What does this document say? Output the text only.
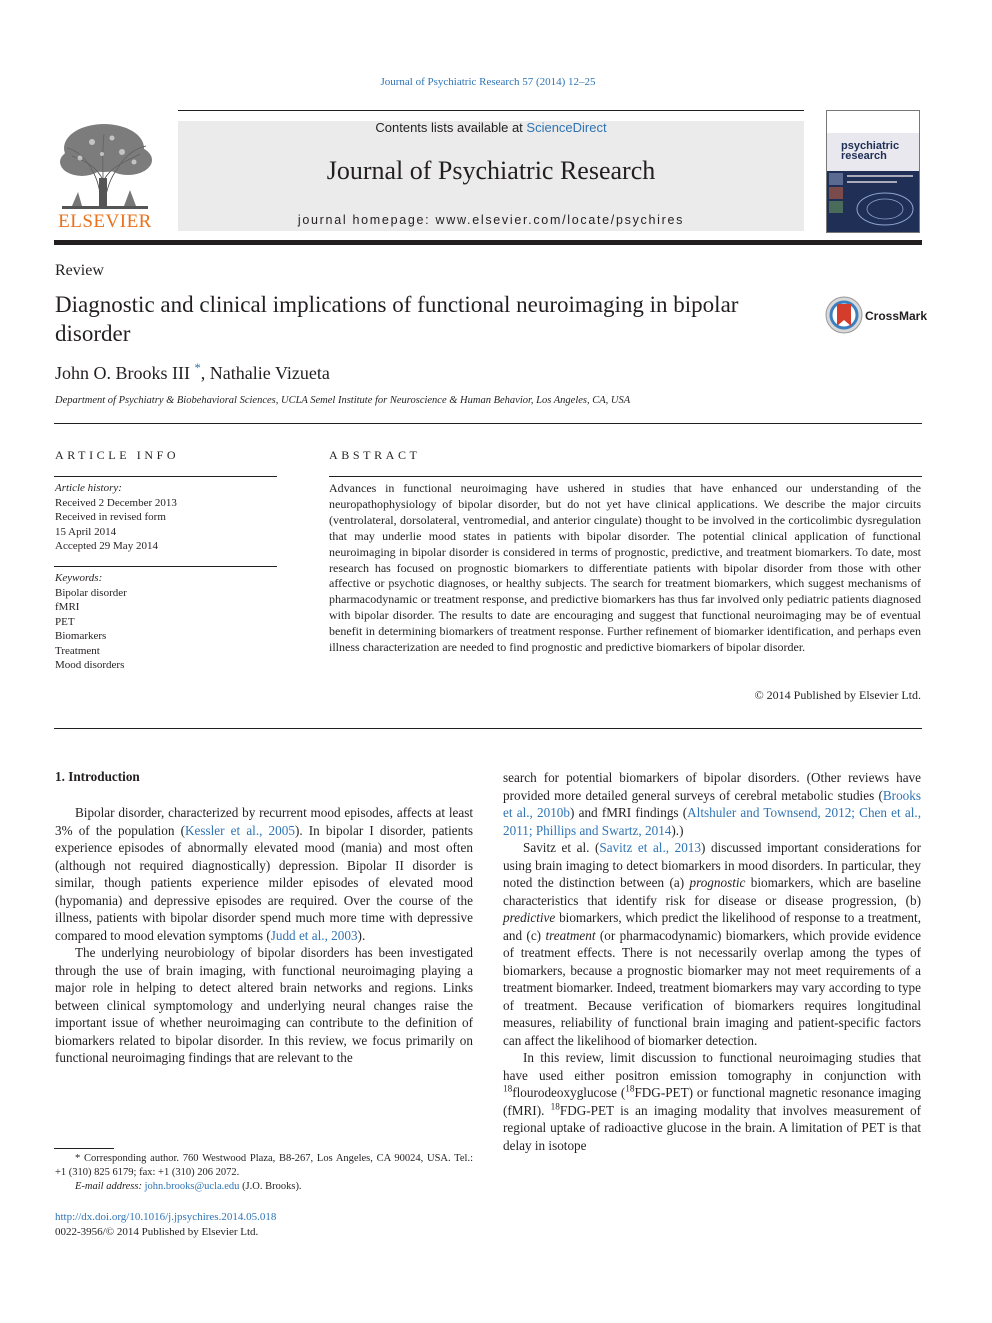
Journal of Psychiatric Research 57 (2014) 12–25
ELSEVIER
Contents lists available at ScienceDirect
Journal of Psychiatric Research
journal homepage: www.elsevier.com/locate/psychires
psychiatric research
Review
Diagnostic and clinical implications of functional neuroimaging in bipolar disorder
CrossMark
John O. Brooks III *, Nathalie Vizueta
Department of Psychiatry & Biobehavioral Sciences, UCLA Semel Institute for Neuroscience & Human Behavior, Los Angeles, CA, USA
ARTICLE INFO
Article history:
Received 2 December 2013
Received in revised form
15 April 2014
Accepted 29 May 2014
Keywords:
Bipolar disorder
fMRI
PET
Biomarkers
Treatment
Mood disorders
ABSTRACT
Advances in functional neuroimaging have ushered in studies that have enhanced our understanding of the neuropathophysiology of bipolar disorder, but do not yet have clinical applications. We describe the major circuits (ventrolateral, dorsolateral, ventromedial, and anterior cingulate) thought to be involved in the corticolimbic dysregulation that may underlie mood states in patients with bipolar disorder. The potential clinical application of functional neuroimaging in bipolar disorder is considered in terms of prognostic, predictive, and treatment biomarkers. To date, most research has focused on prognostic biomarkers to differentiate patients with bipolar disorder from those with other affective or psychotic diagnoses, or healthy subjects. The search for treatment biomarkers, which suggest mechanisms of pharmacodynamic or treatment response, and predictive biomarkers has thus far involved only pediatric patients diagnosed with bipolar disorder. The results to date are encouraging and suggest that functional neuroimaging may be of eventual benefit in determining biomarkers of treatment response. Further refinement of biomarker identification, and perhaps even illness characterization are needed to find prognostic and predictive biomarkers of bipolar disorder.
© 2014 Published by Elsevier Ltd.
1. Introduction

Bipolar disorder, characterized by recurrent mood episodes, affects at least 3% of the population (Kessler et al., 2005). In bipolar I disorder, patients experience episodes of abnormally elevated mood (mania) and most often (although not required diagnostically) depression. Bipolar II disorder is similar, though patients experience milder episodes of elevated mood (hypomania) and depressive episodes are required. Over the course of the illness, patients with bipolar disorder spend much more time with depressive compared to mood elevation symptoms (Judd et al., 2003).

The underlying neurobiology of bipolar disorders has been investigated through the use of brain imaging, with functional neuroimaging playing a major role in helping to detect altered brain networks and regions. Links between clinical symptomology and underlying neural changes raise the important issue of whether neuroimaging can contribute to the definition of biomarkers related to bipolar disorder. In this review, we focus primarily on functional neuroimaging findings that are relevant to the

search for potential biomarkers of bipolar disorders. (Other reviews have provided more detailed general surveys of cerebral metabolic studies (Brooks et al., 2010b) and fMRI findings (Altshuler and Townsend, 2012; Chen et al., 2011; Phillips and Swartz, 2014).)

Savitz et al. (Savitz et al., 2013) discussed important considerations for using brain imaging to detect biomarkers in mood disorders. In particular, they noted the distinction between (a) prognostic biomarkers, which are baseline characteristics that identify risk for disease or disease progression, (b) predictive biomarkers, which predict the likelihood of response to a treatment, and (c) treatment (or pharmacodynamic) biomarkers, which provide evidence of treatment effects. There is not necessarily overlap among the types of biomarkers, because a prognostic biomarker may not meet requirements of a treatment biomarker. Indeed, treatment biomarkers may vary according to type of treatment. Because verification of biomarkers requires longitudinal measures, reliability of functional brain imaging and patient-specific factors can affect the likelihood of biomarker detection.

In this review, limit discussion to functional neuroimaging studies that have used either positron emission tomography in conjunction with $^{18}$flourodeoxyglucose ($^{18}$FDG-PET) or functional magnetic resonance imaging (fMRI). $^{18}$FDG-PET is an imaging modality that involves measurement of regional uptake of radioactive glucose in the brain. A limitation of PET is that delay in isotope

* Corresponding author. 760 Westwood Plaza, B8-267, Los Angeles, CA 90024, USA. Tel.: +1 (310) 825 6179; fax: +1 (310) 206 2072.
E-mail address: john.brooks@ucla.edu (J.O. Brooks).
http://dx.doi.org/10.1016/j.jpsychires.2014.05.018
0022-3956/© 2014 Published by Elsevier Ltd.
